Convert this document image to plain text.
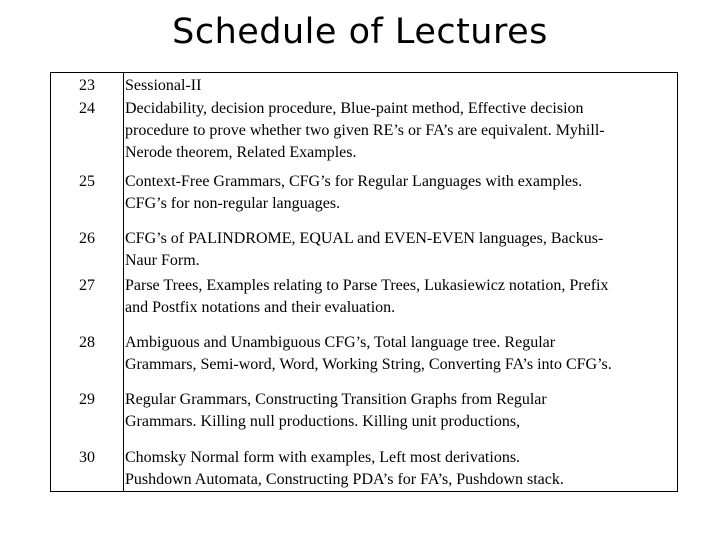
Schedule of Lectures
23	Sessional-II
24	Decidability, decision procedure, Blue-paint method, Effective decision
procedure to prove whether two given RE’s or FA’s are equivalent. Myhill-
Nerode theorem, Related Examples.
25	Context-Free Grammars, CFG’s for Regular Languages with examples.
CFG’s for non-regular languages.
26	CFG’s of PALINDROME, EQUAL and EVEN-EVEN languages, Backus-
Naur Form.
27	Parse Trees, Examples relating to Parse Trees, Lukasiewicz notation, Prefix
and Postfix notations and their evaluation.
28	Ambiguous and Unambiguous CFG’s, Total language tree. Regular
Grammars, Semi-word, Word, Working String, Converting FA’s into CFG’s.
29	Regular Grammars, Constructing Transition Graphs from Regular
Grammars. Killing null productions. Killing unit productions,
30	Chomsky Normal form with examples, Left most derivations.
Pushdown Automata, Constructing PDA’s for FA’s, Pushdown stack.
